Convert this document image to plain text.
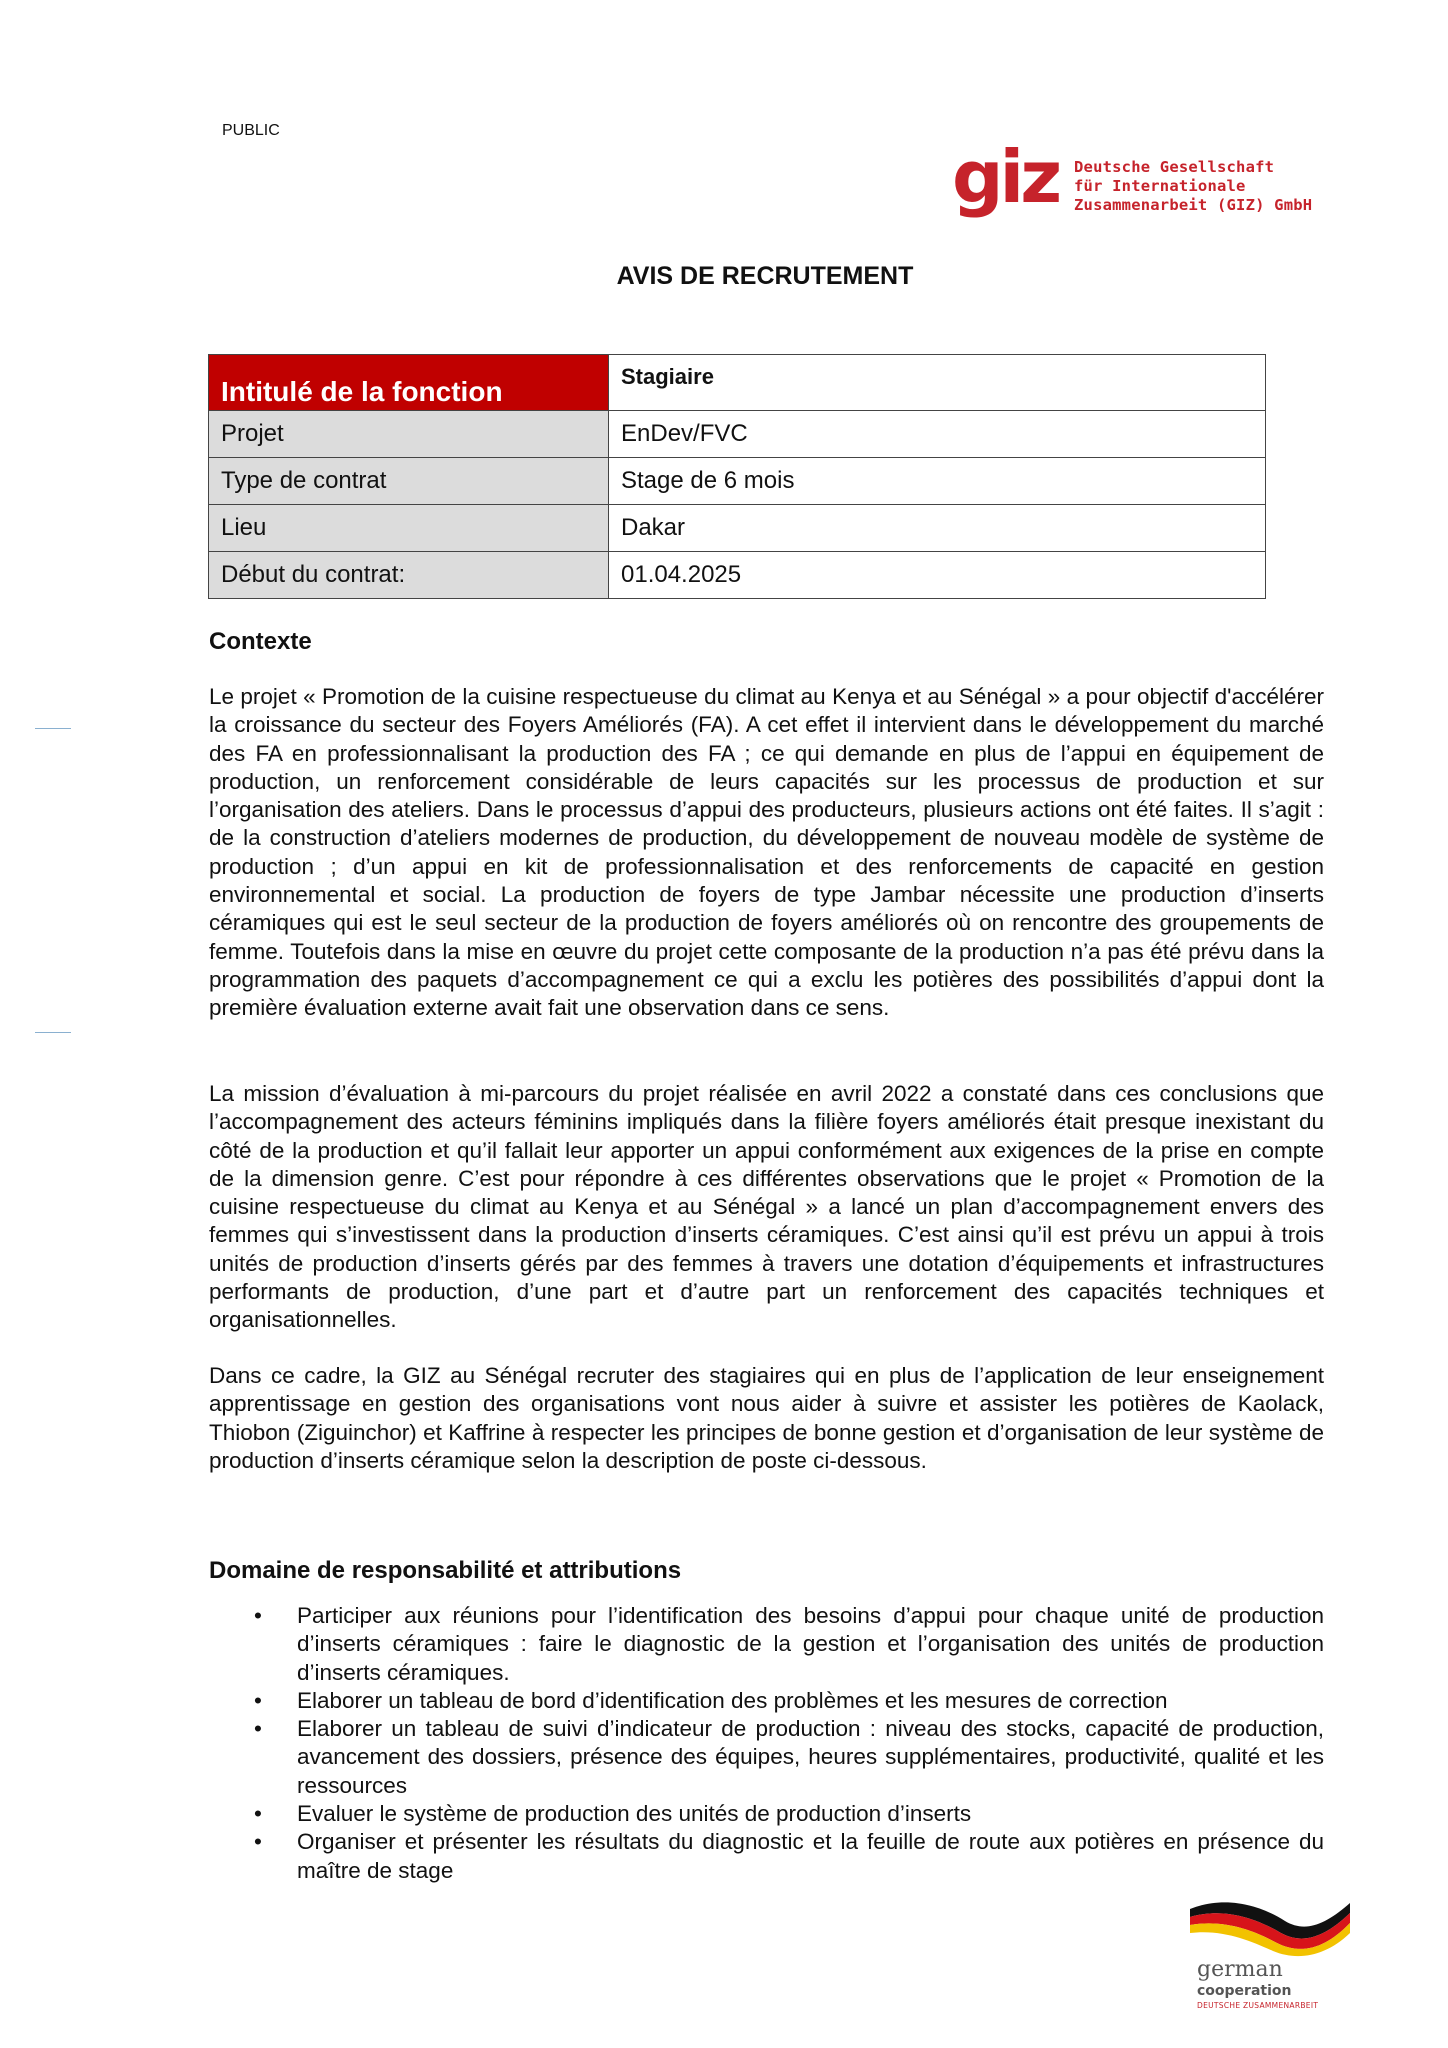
PUBLIC
giz Deutsche Gesellschaft
für Internationale
Zusammenarbeit (GIZ) GmbH
AVIS DE RECRUTEMENT
Intitulé de la fonction	Stagiaire
Projet	EnDev/FVC
Type de contrat	Stage de 6 mois
Lieu	Dakar
Début du contrat:	01.04.2025
Contexte

Le projet « Promotion de la cuisine respectueuse du climat au Kenya et au Sénégal » a pour objectif d'accélérer la croissance du secteur des Foyers Améliorés (FA). A cet effet il intervient dans le développement du marché des FA en professionnalisant la production des FA ; ce qui demande en plus de l’appui en équipement de production, un renforcement considérable de leurs capacités sur les processus de production et sur l’organisation des ateliers. Dans le processus d’appui des producteurs, plusieurs actions ont été faites. Il s’agit : de la construction d’ateliers modernes de production, du développement de nouveau modèle de système de production ; d’un appui en kit de professionnalisation et des renforcements de capacité en gestion environnemental et social. La production de foyers de type Jambar nécessite une production d’inserts céramiques qui est le seul secteur de la production de foyers améliorés où on rencontre des groupements de femme. Toutefois dans la mise en œuvre du projet cette composante de la production n’a pas été prévu dans la programmation des paquets d’accompagnement ce qui a exclu les potières des possibilités d’appui dont la première évaluation externe avait fait une observation dans ce sens.

La mission d’évaluation à mi-parcours du projet réalisée en avril 2022 a constaté dans ces conclusions que l’accompagnement des acteurs féminins impliqués dans la filière foyers améliorés était presque inexistant du côté de la production et qu’il fallait leur apporter un appui conformément aux exigences de la prise en compte de la dimension genre. C’est pour répondre à ces différentes observations que le projet « Promotion de la cuisine respectueuse du climat au Kenya et au Sénégal » a lancé un plan d’accompagnement envers des femmes qui s’investissent dans la production d’inserts céramiques. C’est ainsi qu’il est prévu un appui à trois unités de production d’inserts gérés par des femmes à travers une dotation d’équipements et infrastructures performants de production, d’une part et d’autre part un renforcement des capacités techniques et organisationnelles.

Dans ce cadre, la GIZ au Sénégal recruter des stagiaires qui en plus de l’application de leur enseignement apprentissage en gestion des organisations vont nous aider à suivre et assister les potières de Kaolack, Thiobon (Ziguinchor) et Kaffrine à respecter les principes de bonne gestion et d’organisation de leur système de production d’inserts céramique selon la description de poste ci-dessous.

Domaine de responsabilité et attributions
• Participer aux réunions pour l’identification des besoins d’appui pour chaque unité de production d’inserts céramiques : faire le diagnostic de la gestion et l’organisation des unités de production d’inserts céramiques.
• Elaborer un tableau de bord d’identification des problèmes et les mesures de correction
• Elaborer un tableau de suivi d’indicateur de production : niveau des stocks, capacité de production, avancement des dossiers, présence des équipes, heures supplémentaires, productivité, qualité et les ressources
• Evaluer le système de production des unités de production d’inserts
• Organiser et présenter les résultats du diagnostic et la feuille de route aux potières en présence du maître de stage
german
cooperation
DEUTSCHE ZUSAMMENARBEIT
